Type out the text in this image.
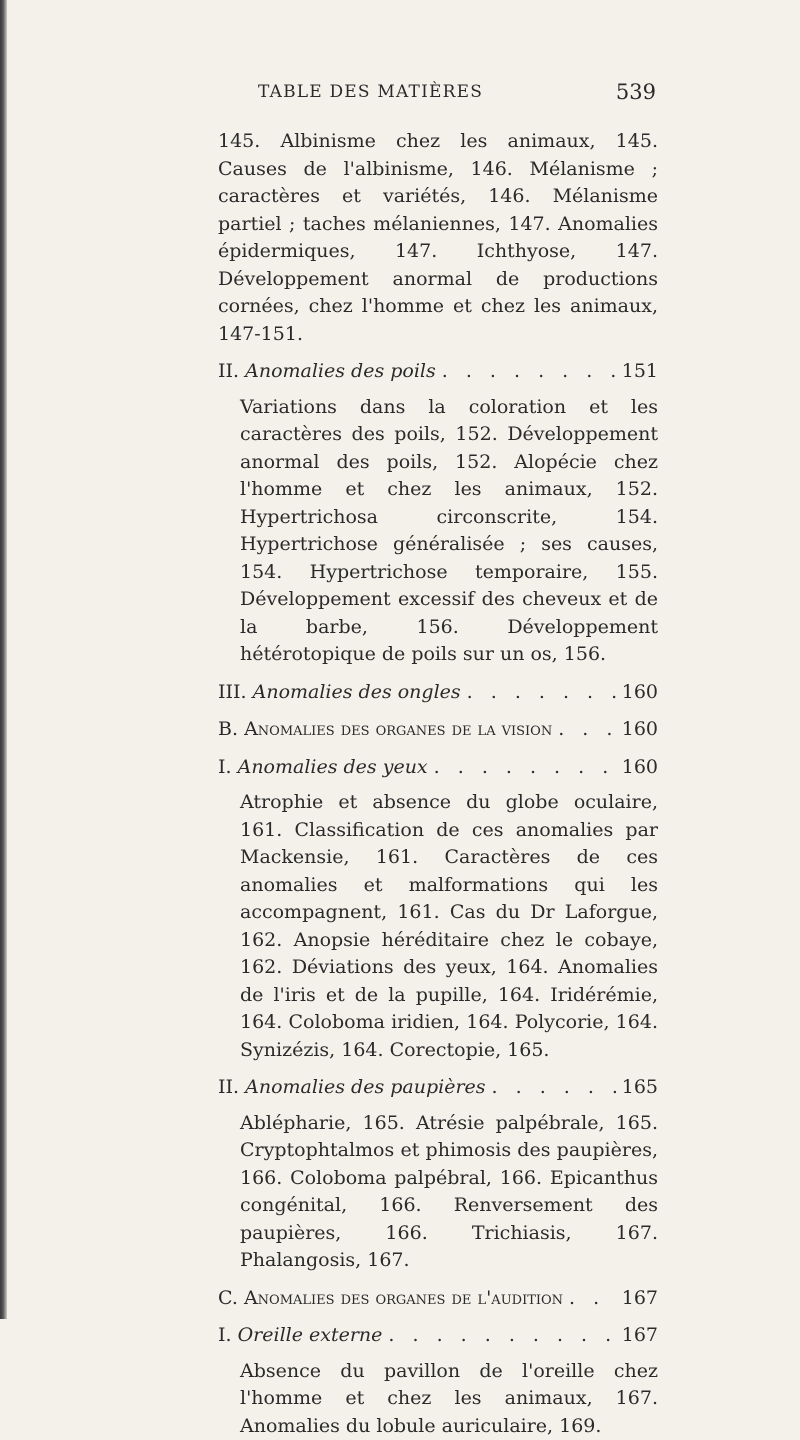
TABLE DES MATIÈRES	539

145. Albinisme chez les animaux, 145. Causes de l'albinisme, 146. Mélanisme ; caractères et variétés, 146. Mélanisme partiel ; taches mélaniennes, 147. Anomalies épidermiques, 147. Ichthyose, 147. Développement anormal de productions cornées, chez l'homme et chez les animaux, 147-151.

II. Anomalies des poils . . .	151

Variations dans la coloration et les caractères des poils, 152. Développement anormal des poils, 152. Alopécie chez l'homme et chez les animaux, 152. Hypertrichosa circonscrite, 154. Hypertrichose généralisée ; ses causes, 154. Hypertrichose temporaire, 155. Développement excessif des cheveux et de la barbe, 156. Développement hétérotopique de poils sur un os, 156.

III. Anomalies des ongles . . .	160
B. Anomalies des organes de la vision . . .	160
I. Anomalies des yeux . . .	160

Atrophie et absence du globe oculaire, 161. Classification de ces anomalies par Mackensie, 161. Caractères de ces anomalies et malformations qui les accompagnent, 161. Cas du Dr Laforgue, 162. Anopsie héréditaire chez le cobaye, 162. Déviations des yeux, 164. Anomalies de l'iris et de la pupille, 164. Iridérémie, 164. Coloboma iridien, 164. Polycorie, 164. Synizézis, 164. Corectopie, 165.

II. Anomalies des paupières . . .	165

Ablépharie, 165. Atrésie palpébrale, 165. Cryptophtalmos et phimosis des paupières, 166. Coloboma palpébral, 166. Epicanthus congénital, 166. Renversement des paupières, 166. Trichiasis, 167. Phalangosis, 167.

C. Anomalies des organes de l'audition . . .	167
I. Oreille externe . . .	167

Absence du pavillon de l'oreille chez l'homme et chez les animaux, 167. Anomalies du lobule auriculaire, 169.
